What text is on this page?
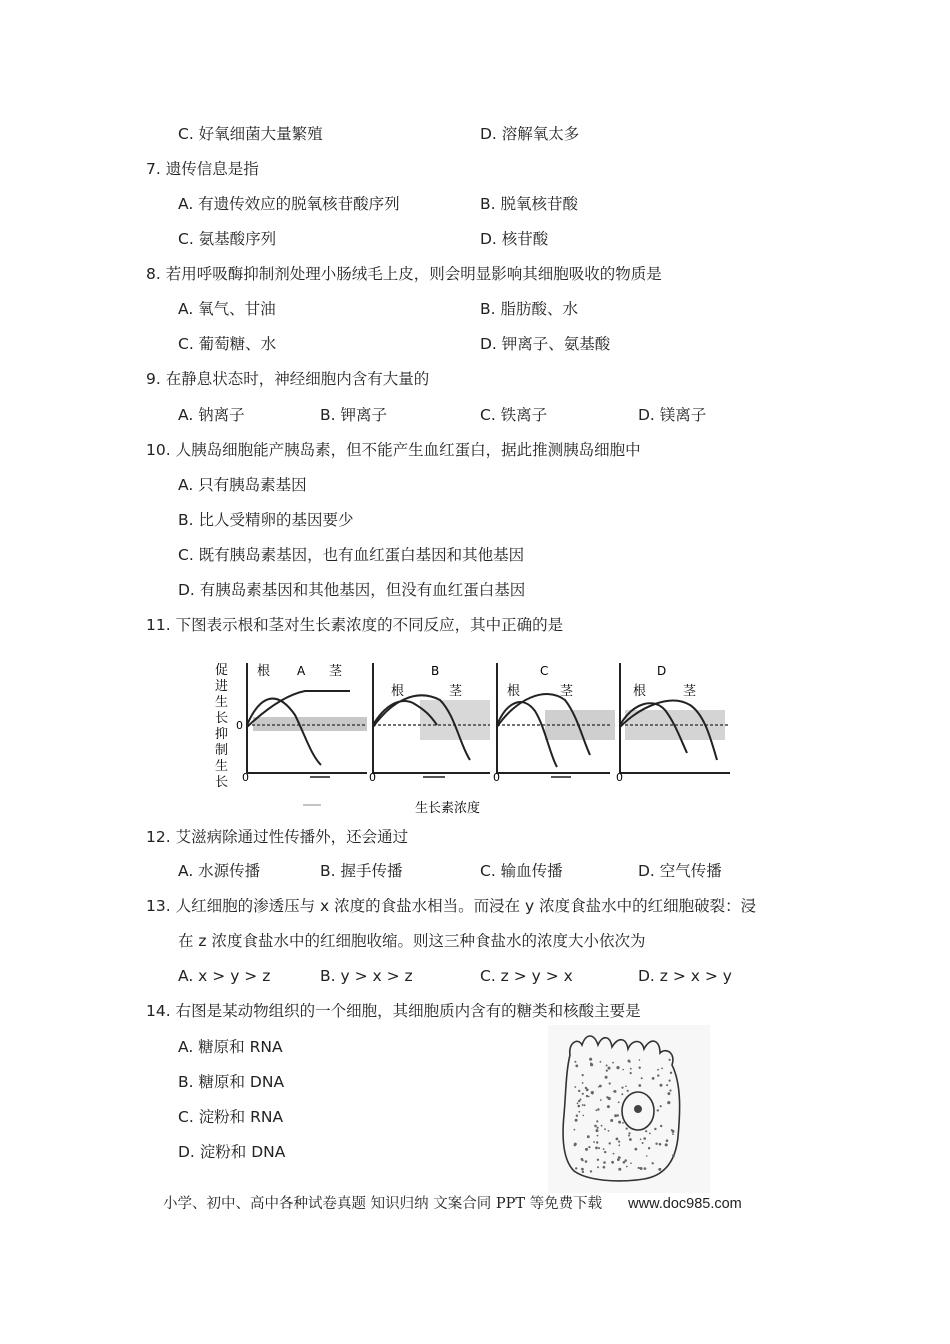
C. 好氧细菌大量繁殖	D. 溶解氧太多
7. 遗传信息是指
A. 有遗传效应的脱氧核苷酸序列	B. 脱氧核苷酸
C. 氨基酸序列	D. 核苷酸
8. 若用呼吸酶抑制剂处理小肠绒毛上皮，则会明显影响其细胞吸收的物质是
A. 氧气、甘油	B. 脂肪酸、水
C. 葡萄糖、水	D. 钾离子、氨基酸
9. 在静息状态时，神经细胞内含有大量的
A. 钠离子	B. 钾离子	C. 铁离子	D. 镁离子
10. 人胰岛细胞能产胰岛素，但不能产生血红蛋白，据此推测胰岛细胞中
A. 只有胰岛素基因
B. 比人受精卵的基因要少
C. 既有胰岛素基因，也有血红蛋白基因和其他基因
D. 有胰岛素基因和其他基因，但没有血红蛋白基因
11. 下图表示根和茎对生长素浓度的不同反应，其中正确的是
促
进
生
长
抑
制
生
长
0
0
根 A 茎
0
B
根	茎
0
C
根	茎
0
D
根	茎
生长素浓度
12. 艾滋病除通过性传播外，还会通过
A. 水源传播	B. 握手传播	C. 输血传播	D. 空气传播
13. 人红细胞的渗透压与 x 浓度的食盐水相当。而浸在 y 浓度食盐水中的红细胞破裂：浸
在 z 浓度食盐水中的红细胞收缩。则这三种食盐水的浓度大小依次为
A. x > y > z	B. y > x > z	C. z > y > x	D. z > x > y
14. 右图是某动物组织的一个细胞，其细胞质内含有的糖类和核酸主要是
A. 糖原和 RNA
B. 糖原和 DNA
C. 淀粉和 RNA
D. 淀粉和 DNA
小学、初中、高中各种试卷真题 知识归纳 文案合同 PPT 等免费下载 www.doc985.com
